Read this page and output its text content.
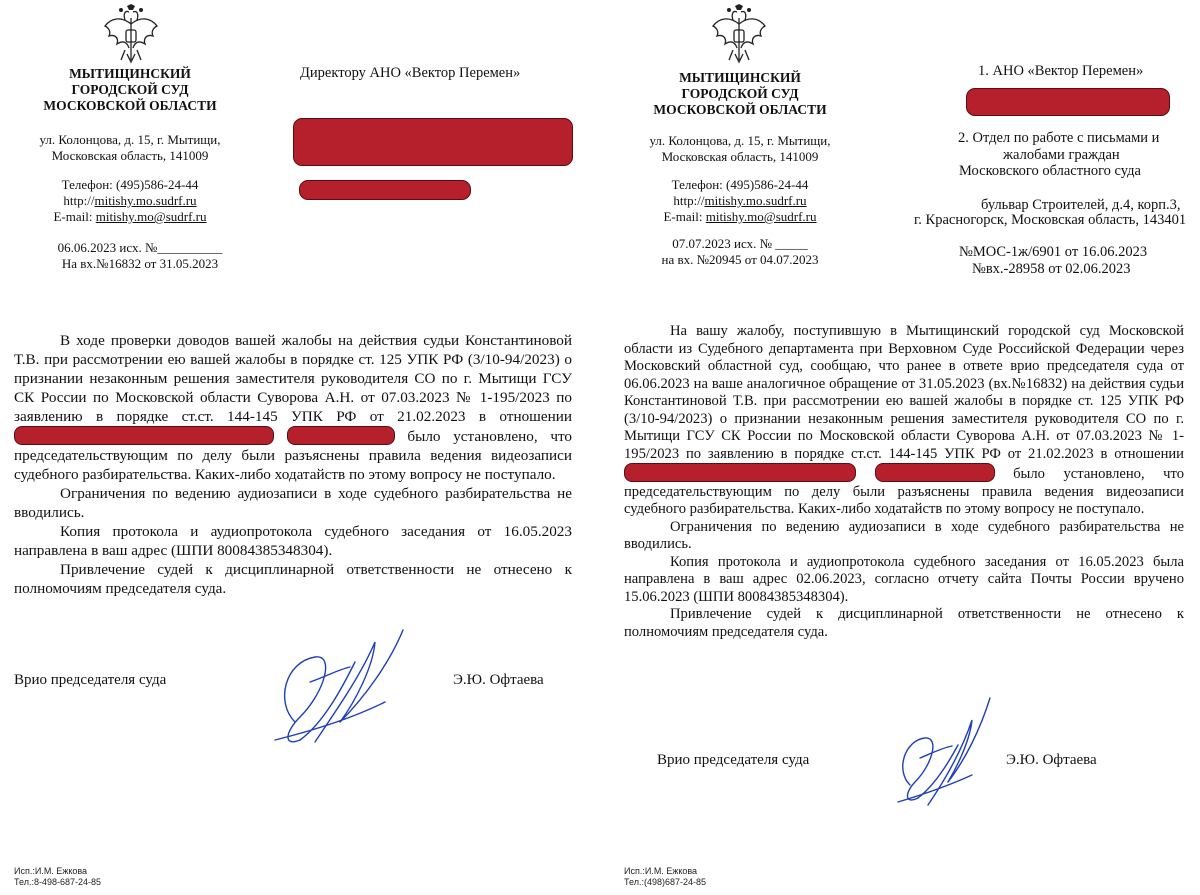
МЫТИЩИНСКИЙ
ГОРОДСКОЙ СУД
МОСКОВСКОЙ ОБЛАСТИ
ул. Колонцова, д. 15, г. Мытищи,
Московская область, 141009
Телефон: (495)586-24-44
http://mitishy.mo.sudrf.ru
E-mail: mitishy.mo@sudrf.ru
06.06.2023 исх. №__________
На вх.№16832 от 31.05.2023
Директору АНО «Вектор Перемен»

В ходе проверки доводов вашей жалобы на действия судьи Константиновой Т.В. при рассмотрении ею вашей жалобы в порядке ст. 125 УПК РФ (3/10-94/2023) о признании незаконным решения заместителя руководителя СО по г. Мытищи ГСУ СК России по Московской области Суворова А.Н. от 07.03.2023 № 1-195/2023 по заявлению в порядке ст.ст. 144-145 УПК РФ от 21.02.2023 в отношении   было установлено, что председательствующим по делу были разъяснены правила ведения видеозаписи судебного разбирательства. Каких-либо ходатайств по этому вопросу не поступало.

Ограничения по ведению аудиозаписи в ходе судебного разбирательства не вводились.

Копия протокола и аудиопротокола судебного заседания от 16.05.2023 направлена в ваш адрес (ШПИ 80084385348304).

Привлечение судей к дисциплинарной ответственности не отнесено к полномочиям председателя суда.

Врио председателя суда	Э.Ю. Офтаева
Исп.:И.М. Ежкова
Тел.:8-498-687-24-85
МЫТИЩИНСКИЙ
ГОРОДСКОЙ СУД
МОСКОВСКОЙ ОБЛАСТИ
ул. Колонцова, д. 15, г. Мытищи,
Московская область, 141009
Телефон: (495)586-24-44
http://mitishy.mo.sudrf.ru
E-mail: mitishy.mo@sudrf.ru
07.07.2023 исх. № _____
на вх. №20945 от 04.07.2023
1. АНО «Вектор Перемен»
2. Отдел по работе с письмами и
жалобами граждан
Московского областного суда
бульвар Строителей, д.4, корп.3,
г. Красногорск, Московская область, 143401
№МОС-1ж/6901 от 16.06.2023
№вх.-28958 от 02.06.2023

На вашу жалобу, поступившую в Мытищинский городской суд Московской области из Судебного департамента при Верховном Суде Российской Федерации через Московский областной суд, сообщаю, что ранее в ответе врио председателя суда от 06.06.2023 на ваше аналогичное обращение от 31.05.2023 (вх.№16832) на действия судьи Константиновой Т.В. при рассмотрении ею вашей жалобы в порядке ст. 125 УПК РФ (3/10-94/2023) о признании незаконным решения заместителя руководителя СО по г. Мытищи ГСУ СК России по Московской области Суворова А.Н. от 07.03.2023 № 1-195/2023 по заявлению в порядке ст.ст. 144-145 УПК РФ от 21.02.2023 в отношении   было установлено, что председательствующим по делу были разъяснены правила ведения видеозаписи судебного разбирательства. Каких-либо ходатайств по этому вопросу не поступало.

Ограничения по ведению аудиозаписи в ходе судебного разбирательства не вводились.

Копия протокола и аудиопротокола судебного заседания от 16.05.2023 была направлена в ваш адрес 02.06.2023, согласно отчету сайта Почты России вручено 15.06.2023 (ШПИ 80084385348304).

Привлечение судей к дисциплинарной ответственности не отнесено к полномочиям председателя суда.

Врио председателя суда	Э.Ю. Офтаева
Исп.:И.М. Ежкова
Тел.:(498)687-24-85
